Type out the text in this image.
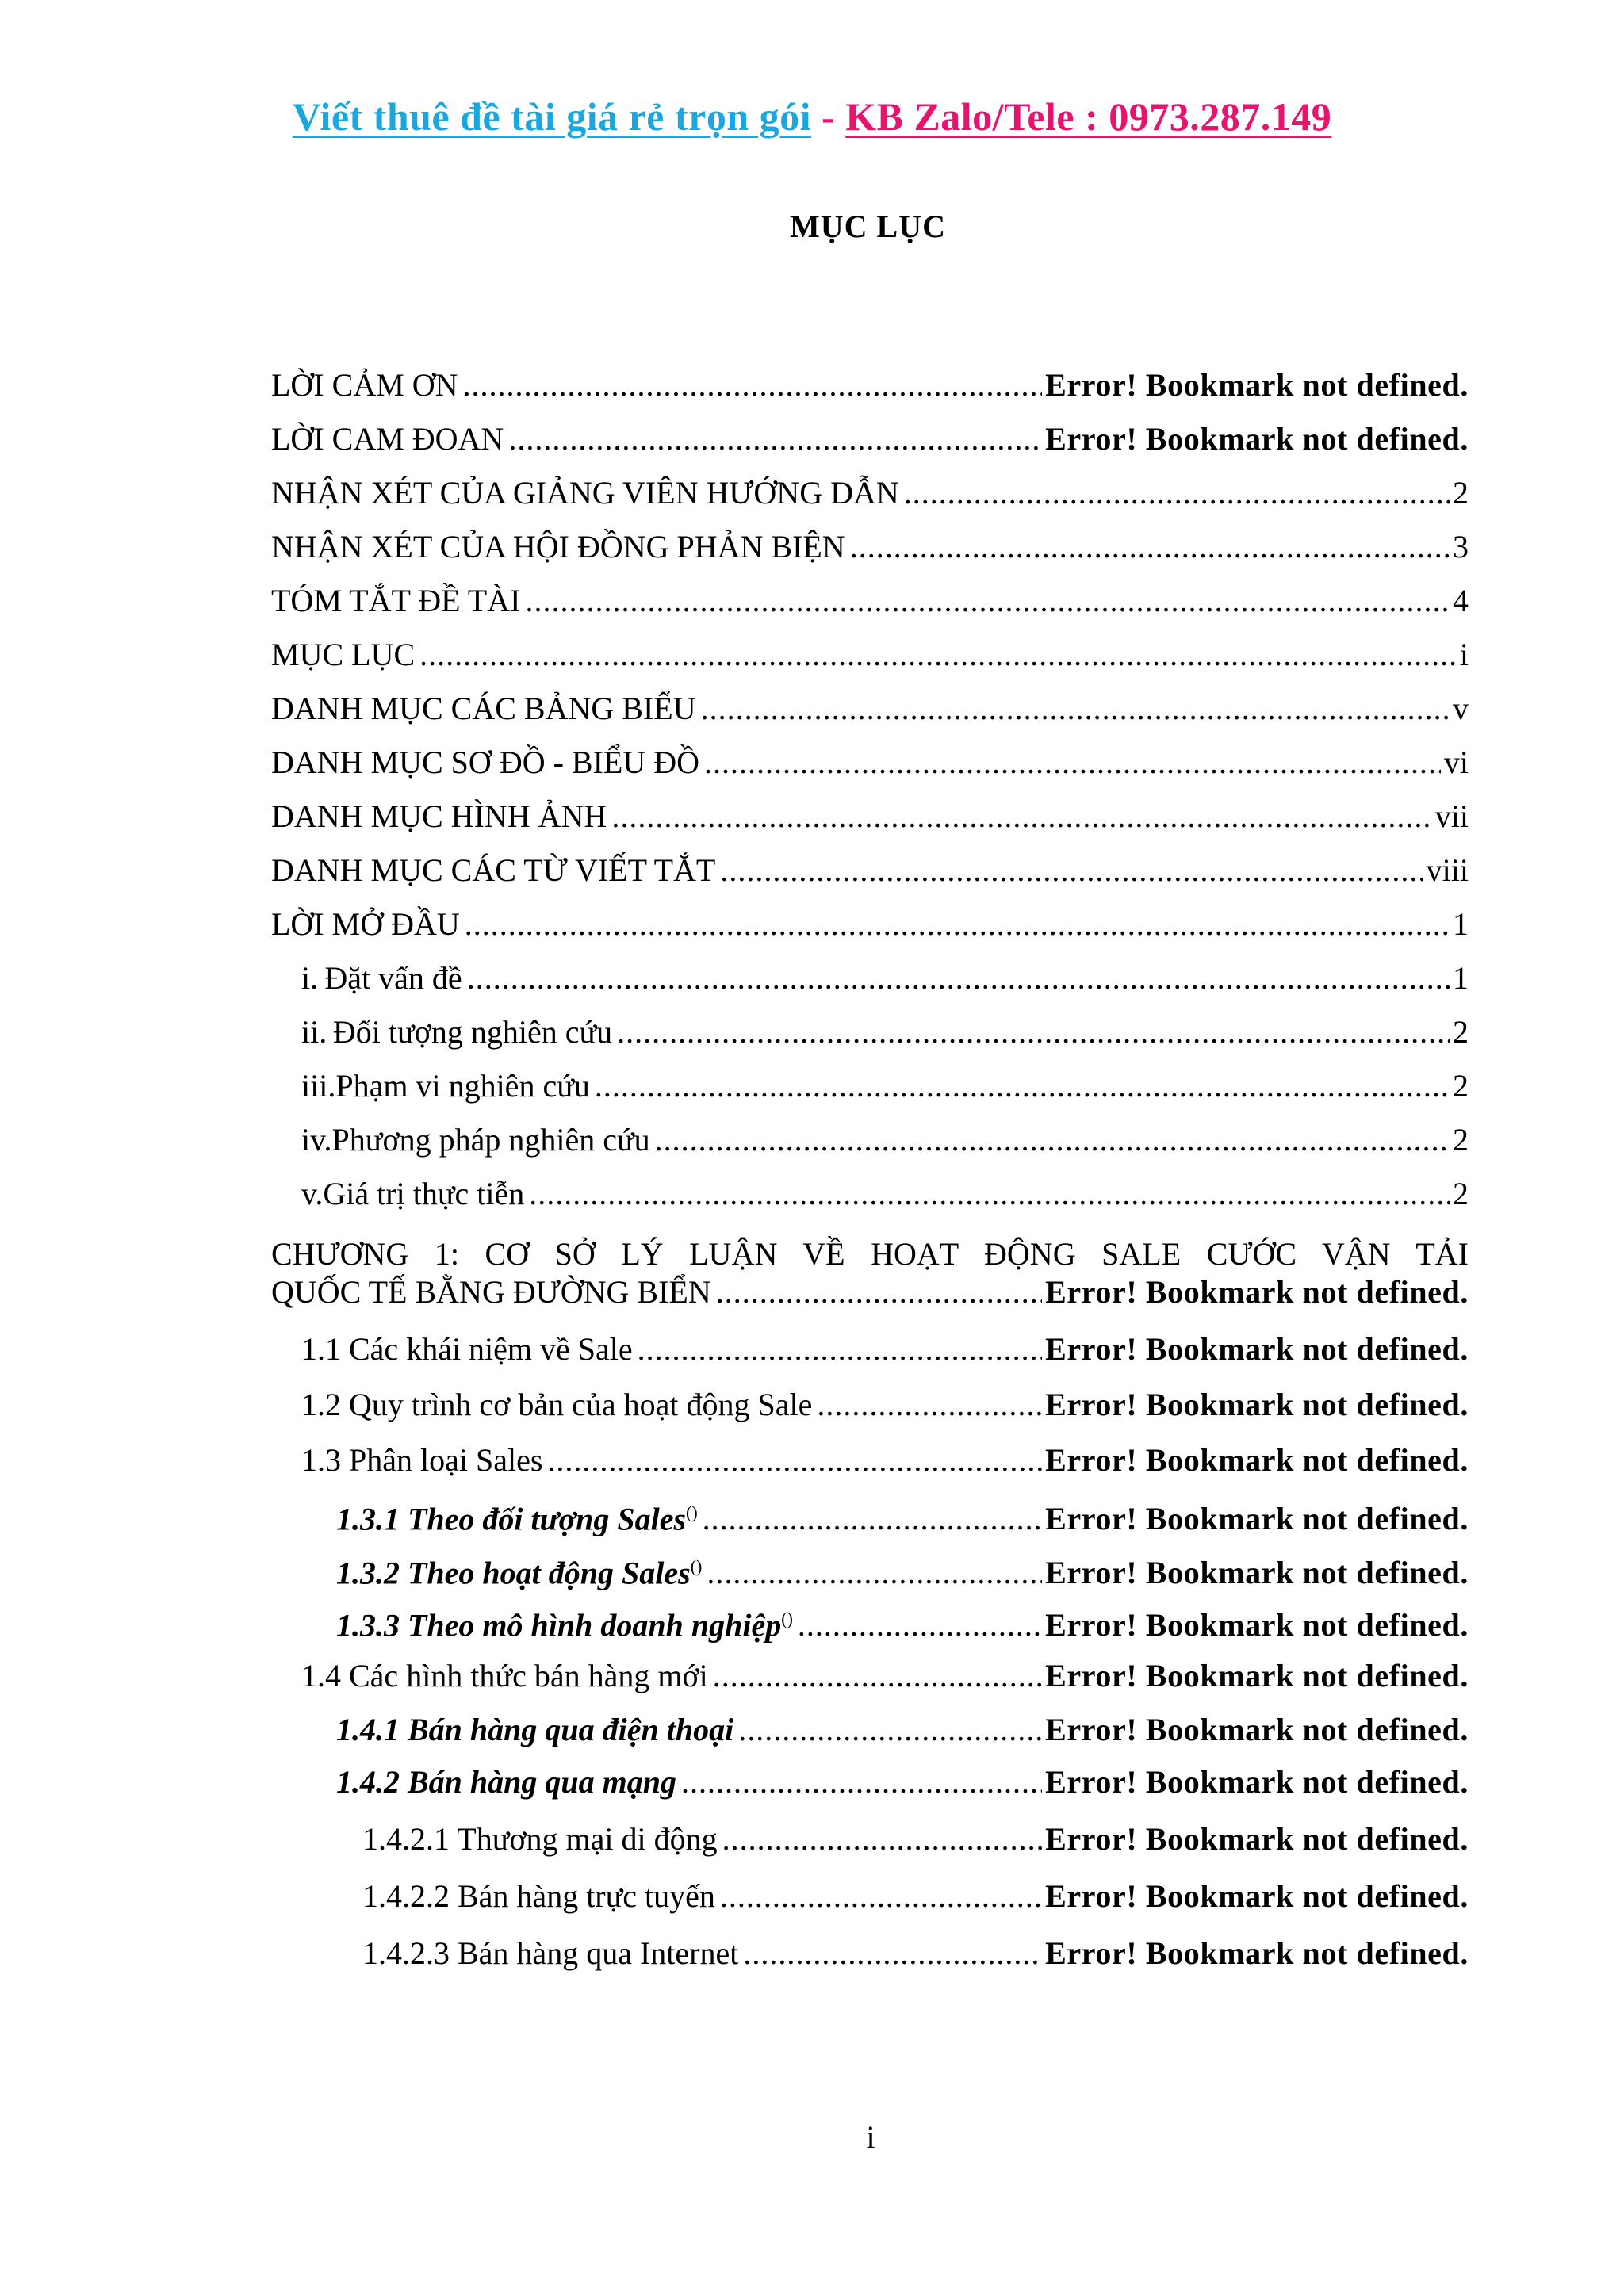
Viết thuê đề tài giá rẻ trọn gói - KB Zalo/Tele : 0973.287.149
MỤC LỤC
LỜI CẢM ƠN .....	Error! Bookmark not defined.
LỜI CAM ĐOAN .....	Error! Bookmark not defined.
NHẬN XÉT CỦA GIẢNG VIÊN HƯỚNG DẪN .....	2
NHẬN XÉT CỦA HỘI ĐỒNG PHẢN BIỆN .....	3
TÓM TẮT ĐỀ TÀI .....	4
MỤC LỤC .....	i
DANH MỤC CÁC BẢNG BIỂU .....	v
DANH MỤC SƠ ĐỒ - BIỂU ĐỒ .....	vi
DANH MỤC HÌNH ẢNH .....	vii
DANH MỤC CÁC TỪ VIẾT TẮT .....	viii
LỜI MỞ ĐẦU .....	1
i. Đặt vấn đề .....	1
ii. Đối tượng nghiên cứu .....	2
iii. Phạm vi nghiên cứu .....	2
iv. Phương pháp nghiên cứu .....	2
v. Giá trị thực tiễn .....	2
CHƯƠNG 1: CƠ SỞ LÝ LUẬN VỀ HOẠT ĐỘNG SALE CƯỚC VẬN TẢI
QUỐC TẾ BẰNG ĐƯỜNG BIỂN .....	Error! Bookmark not defined.
1.1 Các khái niệm về Sale .....	Error! Bookmark not defined.
1.2 Quy trình cơ bản của hoạt động Sale .....	Error! Bookmark not defined.
1.3 Phân loại Sales .....	Error! Bookmark not defined.
1.3.1 Theo đối tượng Sales() .....	Error! Bookmark not defined.
1.3.2 Theo hoạt động Sales() .....	Error! Bookmark not defined.
1.3.3 Theo mô hình doanh nghiệp() .....	Error! Bookmark not defined.
1.4 Các hình thức bán hàng mới .....	Error! Bookmark not defined.
1.4.1 Bán hàng qua điện thoại .....	Error! Bookmark not defined.
1.4.2 Bán hàng qua mạng .....	Error! Bookmark not defined.
1.4.2.1 Thương mại di động .....	Error! Bookmark not defined.
1.4.2.2 Bán hàng trực tuyến .....	Error! Bookmark not defined.
1.4.2.3 Bán hàng qua Internet .....	Error! Bookmark not defined.
i
